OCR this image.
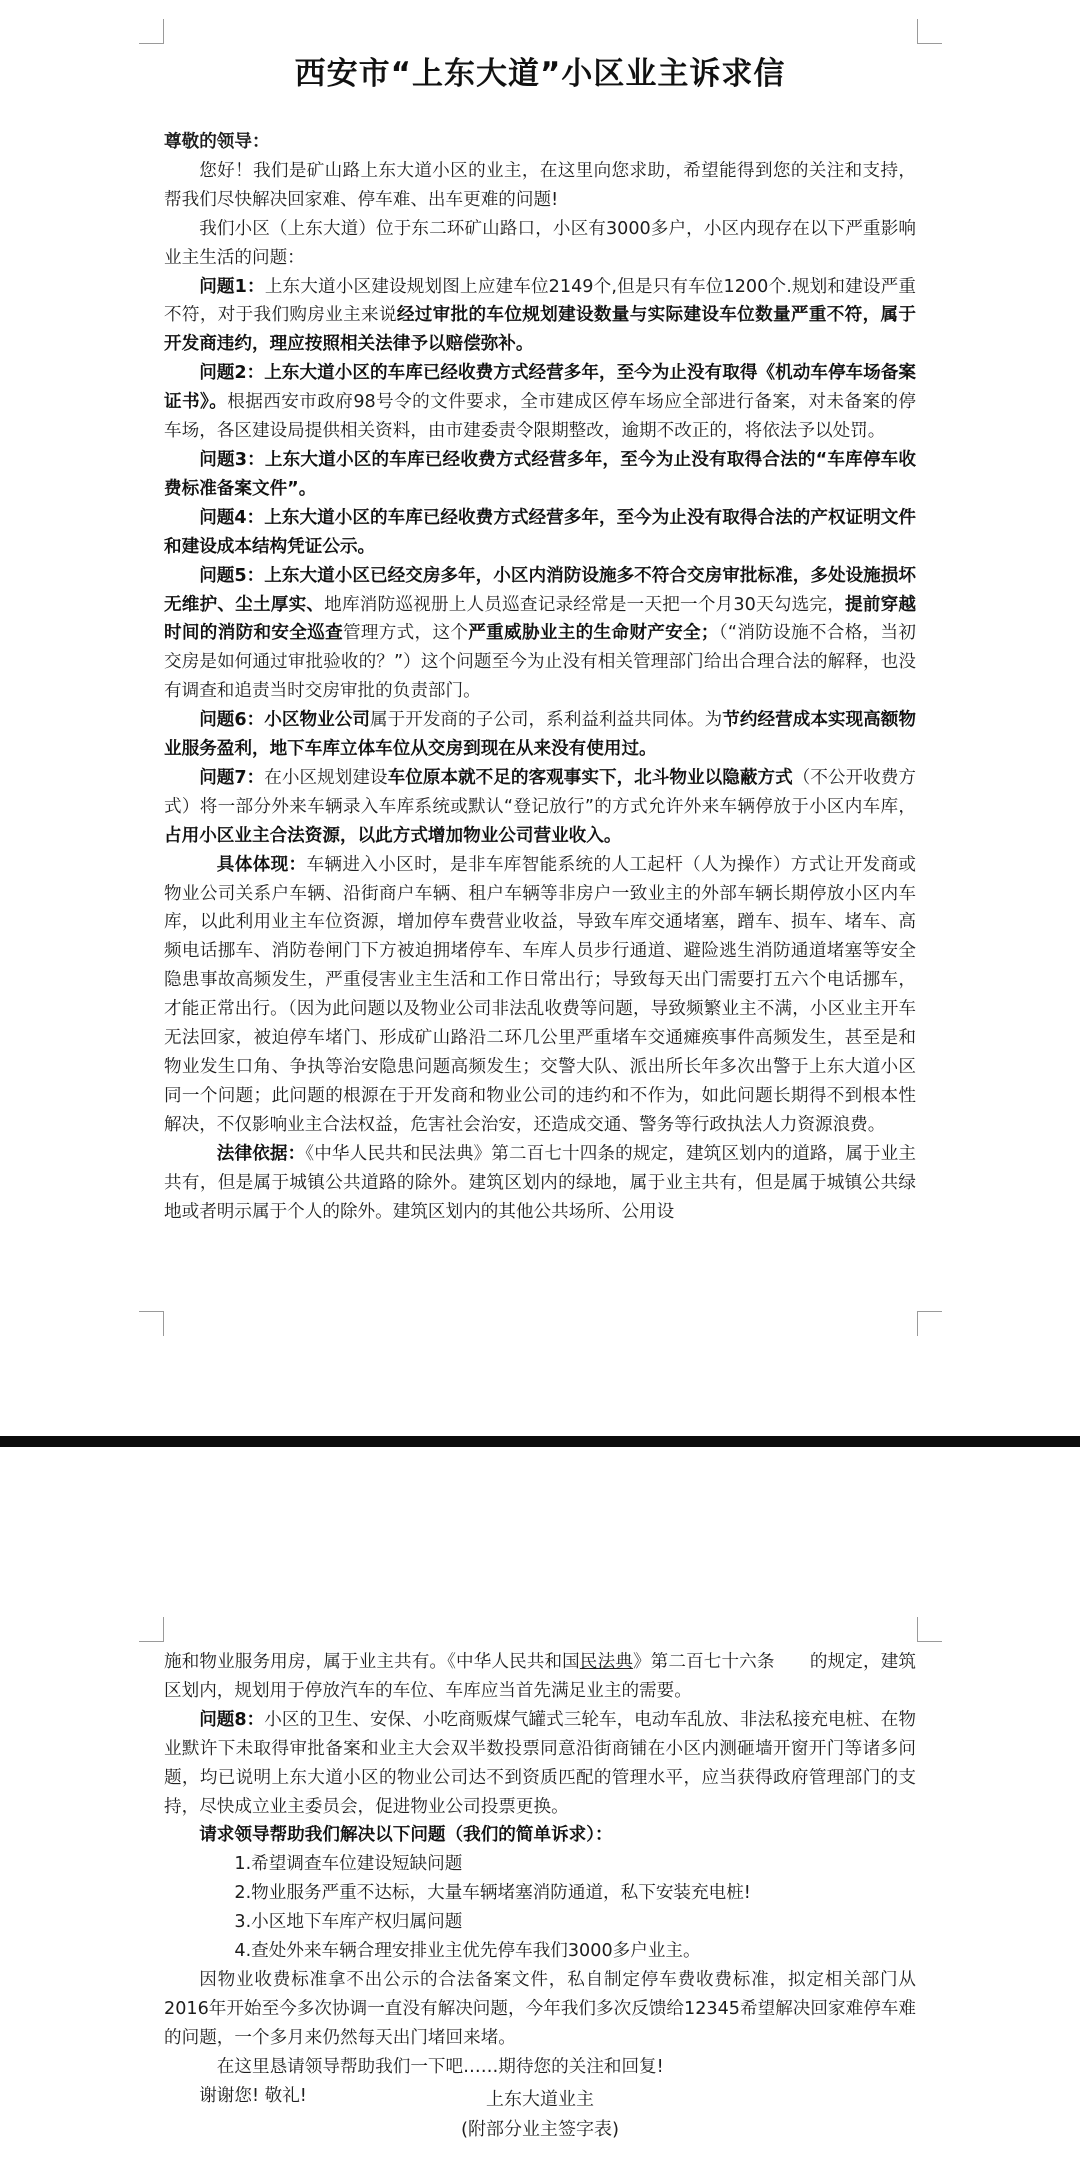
西安市“上东大道”小区业主诉求信

尊敬的领导：

您好！我们是矿山路上东大道小区的业主，在这里向您求助，希望能得到您的关注和支持，帮我们尽快解决回家难、停车难、出车更难的问题!

我们小区（上东大道）位于东二环矿山路口，小区有3000多户，小区内现存在以下严重影响业主生活的问题：

问题1：上东大道小区建设规划图上应建车位2149个,但是只有车位1200个.规划和建设严重不符，对于我们购房业主来说经过审批的车位规划建设数量与实际建设车位数量严重不符，属于开发商违约，理应按照相关法律予以赔偿弥补。

问题2：上东大道小区的车库已经收费方式经营多年，至今为止没有取得《机动车停车场备案证书》。根据西安市政府98号令的文件要求，全市建成区停车场应全部进行备案，对未备案的停车场，各区建设局提供相关资料，由市建委责令限期整改，逾期不改正的，将依法予以处罚。

问题3：上东大道小区的车库已经收费方式经营多年，至今为止没有取得合法的“车库停车收费标准备案文件”。

问题4：上东大道小区的车库已经收费方式经营多年，至今为止没有取得合法的产权证明文件和建设成本结构凭证公示。

问题5：上东大道小区已经交房多年，小区内消防设施多不符合交房审批标准，多处设施损坏无维护、尘土厚实、地库消防巡视册上人员巡查记录经常是一天把一个月30天勾选完，提前穿越时间的消防和安全巡查管理方式，这个严重威胁业主的生命财产安全；（“消防设施不合格，当初交房是如何通过审批验收的？”）这个问题至今为止没有相关管理部门给出合理合法的解释，也没有调查和追责当时交房审批的负责部门。

问题6：小区物业公司属于开发商的子公司，系利益利益共同体。为节约经营成本实现高额物业服务盈利，地下车库立体车位从交房到现在从来没有使用过。

问题7：在小区规划建设车位原本就不足的客观事实下，北斗物业以隐蔽方式（不公开收费方式）将一部分外来车辆录入车库系统或默认“登记放行”的方式允许外来车辆停放于小区内车库，占用小区业主合法资源，以此方式增加物业公司营业收入。

具体体现：车辆进入小区时，是非车库智能系统的人工起杆（人为操作）方式让开发商或物业公司关系户车辆、沿街商户车辆、租户车辆等非房户一致业主的外部车辆长期停放小区内车库，以此利用业主车位资源，增加停车费营业收益，导致车库交通堵塞，蹭车、损车、堵车、高频电话挪车、消防卷闸门下方被迫拥堵停车、车库人员步行通道、避险逃生消防通道堵塞等安全隐患事故高频发生，严重侵害业主生活和工作日常出行；导致每天出门需要打五六个电话挪车，才能正常出行。（因为此问题以及物业公司非法乱收费等问题，导致频繁业主不满，小区业主开车无法回家，被迫停车堵门、形成矿山路沿二环几公里严重堵车交通瘫痪事件高频发生，甚至是和物业发生口角、争执等治安隐患问题高频发生；交警大队、派出所长年多次出警于上东大道小区同一个问题；此问题的根源在于开发商和物业公司的违约和不作为，如此问题长期得不到根本性解决，不仅影响业主合法权益，危害社会治安，还造成交通、警务等行政执法人力资源浪费。

法律依据：《中华人民共和民法典》第二百七十四条的规定，建筑区划内的道路，属于业主共有，但是属于城镇公共道路的除外。建筑区划内的绿地，属于业主共有，但是属于城镇公共绿地或者明示属于个人的除外。建筑区划内的其他公共场所、公用设

施和物业服务用房，属于业主共有。《中华人民共和国民法典》第二百七十六条　　的规定，建筑区划内，规划用于停放汽车的车位、车库应当首先满足业主的需要。

问题8：小区的卫生、安保、小吃商贩煤气罐式三轮车，电动车乱放、非法私接充电桩、在物业默许下未取得审批备案和业主大会双半数投票同意沿街商铺在小区内测砸墙开窗开门等诸多问题，均已说明上东大道小区的物业公司达不到资质匹配的管理水平，应当获得政府管理部门的支持，尽快成立业主委员会，促进物业公司投票更换。

请求领导帮助我们解决以下问题（我们的简单诉求）：

1.希望调查车位建设短缺问题

2.物业服务严重不达标，大量车辆堵塞消防通道，私下安装充电桩!

3.小区地下车库产权归属问题

4.查处外来车辆合理安排业主优先停车我们3000多户业主。

因物业收费标准拿不出公示的合法备案文件，私自制定停车费收费标准，拟定相关部门从2016年开始至今多次协调一直没有解决问题，今年我们多次反馈给12345希望解决回家难停车难的问题，一个多月来仍然每天出门堵回来堵。

在这里恳请领导帮助我们一下吧……期待您的关注和回复!

谢谢您! 敬礼!	上东大道业主
(附部分业主签字表)
